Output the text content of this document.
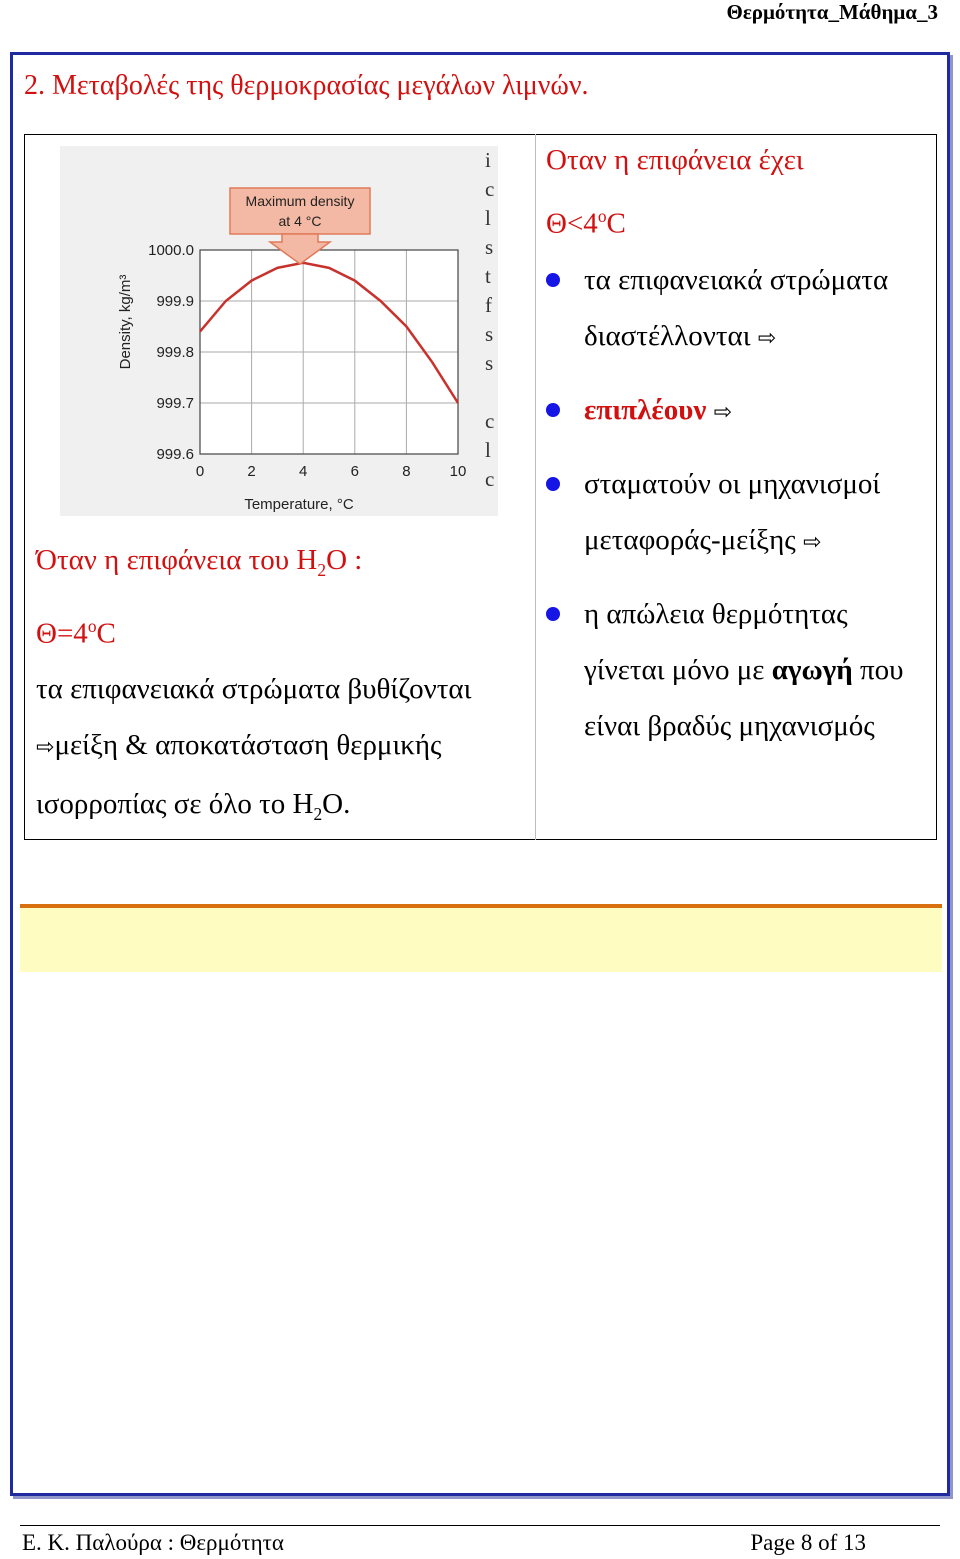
Θερμότητα_Μάθημα_3
2. Μεταβολές της θερμοκρασίας μεγάλων λιμνών.
0	2	4	6	8	10
1000.0
999.9
999.8
999.7
999.6
Temperature, °C
Density, kg/m³
Maximum density
at 4 °C
i
c
l
s
t
f
s
s

c
l
c
Όταν η επιφάνεια του $H_2O$ :
$\Theta=4^oC$
τα επιφανειακά στρώματα βυθίζονται
⇨μείξη & αποκατάσταση θερμικής
ισορροπίας σε όλο το $H_2O$.
Οταν η επιφάνεια έχει
$\Theta<4^oC$
τα επιφανειακά στρώματα διαστέλλονται ⇨
επιπλέουν ⇨
σταματούν οι μηχανισμοί μεταφοράς-μείξης ⇨
η απώλεια θερμότητας γίνεται μόνο με αγωγή που είναι βραδύς μηχανισμός
Ε. Κ. Παλούρα : Θερμότητα	Page 8 of 13
